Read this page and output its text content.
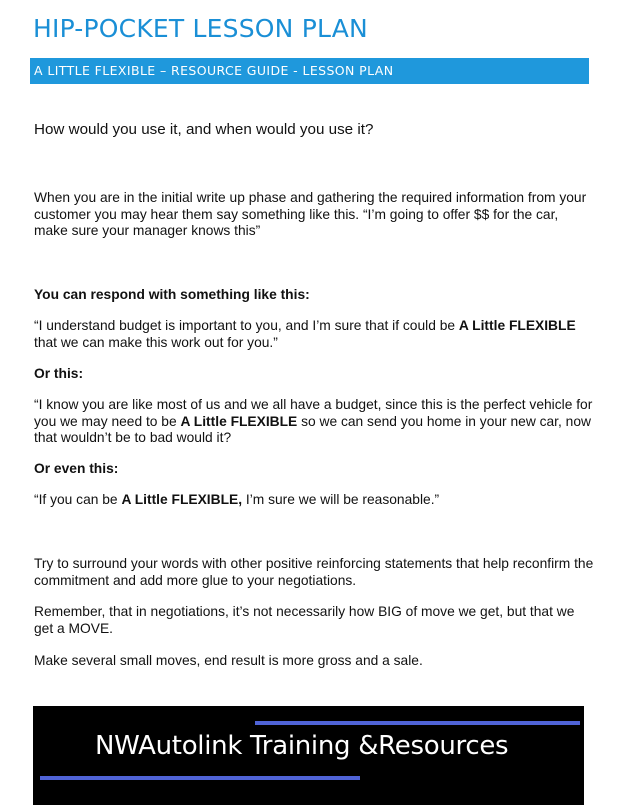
HIP-POCKET LESSON PLAN
A LITTLE FLEXIBLE – RESOURCE GUIDE - LESSON PLAN

How would you use it, and when would you use it?

When you are in the initial write up phase and gathering the required information from your customer you may hear them say something like this. “I’m going to offer $$ for the car, make sure your manager knows this”

You can respond with something like this:

“I understand budget is important to you, and I’m sure that if could be A Little FLEXIBLE that we can make this work out for you.”

Or this:

“I know you are like most of us and we all have a budget, since this is the perfect vehicle for you we may need to be A Little FLEXIBLE so we can send you home in your new car, now that wouldn’t be to bad would it?

Or even this:

“If you can be A Little FLEXIBLE, I’m sure we will be reasonable.”

Try to surround your words with other positive reinforcing statements that help reconfirm the commitment and add more glue to your negotiations.

Remember, that in negotiations, it’s not necessarily how BIG of move we get, but that we get a MOVE.

Make several small moves, end result is more gross and a sale.

NWAutolink Training &Resources
